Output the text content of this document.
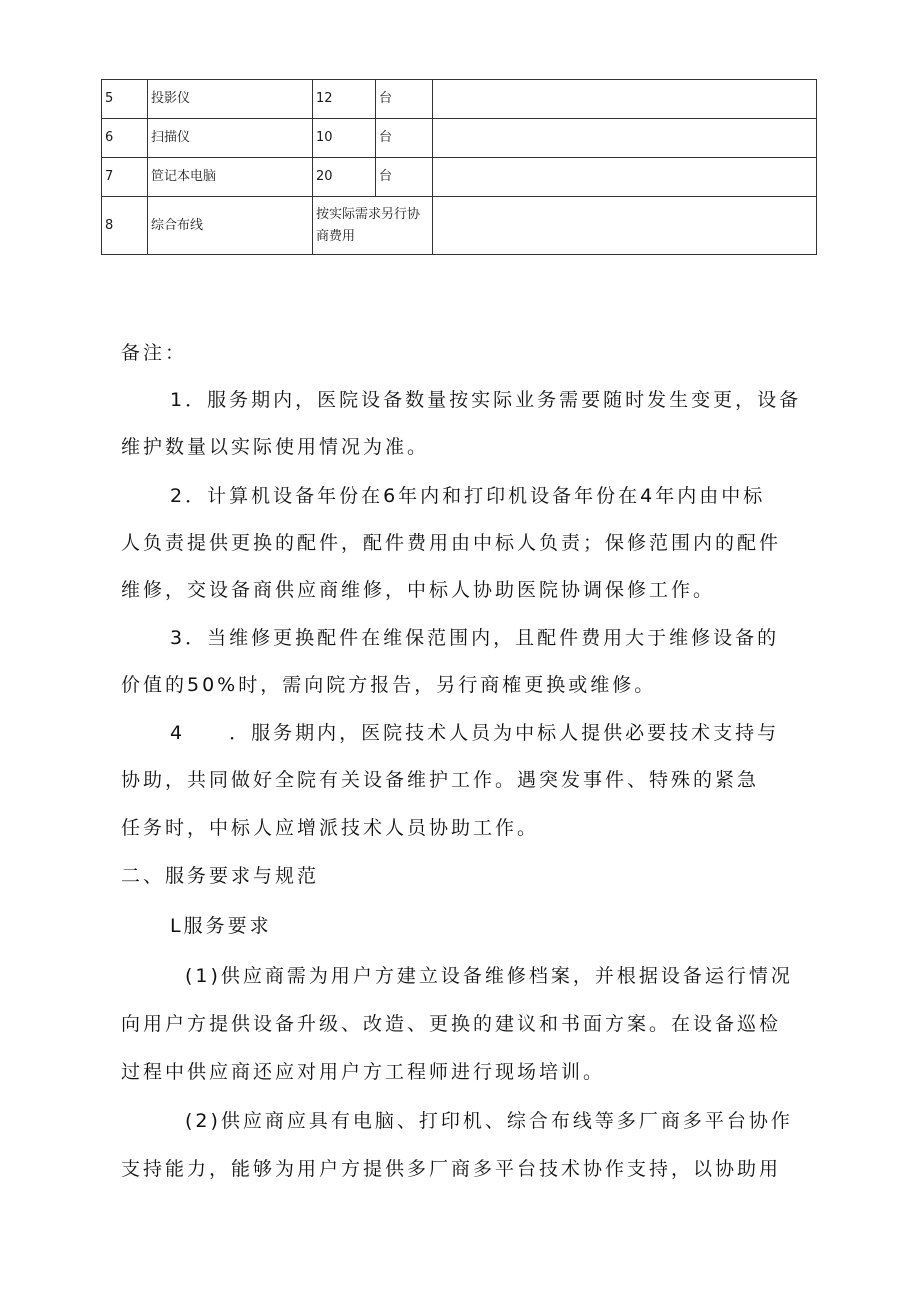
5	投影仪	12	台	
6	扫描仪	10	台	
7	笸记本电脑	20	台	
8	综合布线	按实际需求另行协商费用		

备注：

1．服务期内，医院设备数量按实际业务需要随时发生变更，设备

维护数量以实际使用情况为准。

2．计算机设备年份在6年内和打印机设备年份在4年内由中标

人负责提供更换的配件，配件费用由中标人负责；保修范围内的配件

维修，交设备商供应商维修，中标人协助医院协调保修工作。

3．当维修更换配件在维保范围内，且配件费用大于维修设备的

价值的50%时，需向院方报告，另行商榷更换或维修。

4　　．服务期内，医院技术人员为中标人提供必要技术支持与

协助，共同做好全院有关设备维护工作。遇突发事件、特殊的紧急

任务时，中标人应增派技术人员协助工作。

二、服务要求与规范

L服务要求

(1)供应商需为用户方建立设备维修档案，并根据设备运行情况

向用户方提供设备升级、改造、更换的建议和书面方案。在设备巡检

过程中供应商还应对用户方工程师进行现场培训。

(2)供应商应具有电脑、打印机、综合布线等多厂商多平台协作

支持能力，能够为用户方提供多厂商多平台技术协作支持，以协助用
